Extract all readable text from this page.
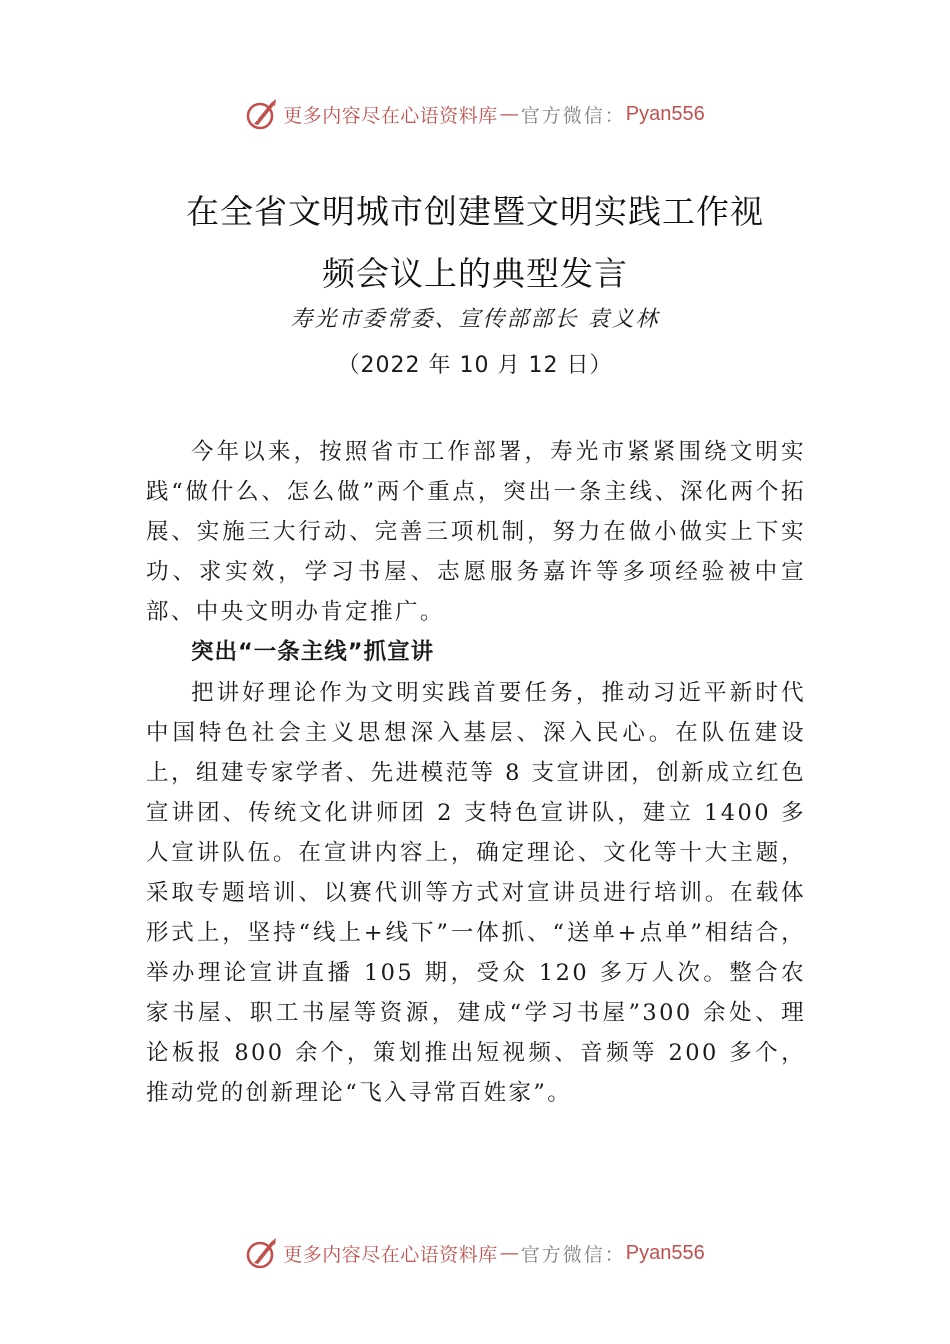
更多内容尽在心语资料库 — 官方微信： Pyan556
在全省文明城市创建暨文明实践工作视
频会议上的典型发言
寿光市委常委、宣传部部长 袁义林
（2022 年 10 月 12 日）

今年以来，按照省市工作部署，寿光市紧紧围绕文明实践“做什么、怎么做”两个重点，突出一条主线、深化两个拓展、实施三大行动、完善三项机制，努力在做小做实上下实功、求实效，学习书屋、志愿服务嘉许等多项经验被中宣部、中央文明办肯定推广。

突出“一条主线”抓宣讲

把讲好理论作为文明实践首要任务，推动习近平新时代中国特色社会主义思想深入基层、深入民心。在队伍建设上，组建专家学者、先进模范等 8 支宣讲团，创新成立红色宣讲团、传统文化讲师团 2 支特色宣讲队，建立 1400 多人宣讲队伍。在宣讲内容上，确定理论、文化等十大主题，采取专题培训、以赛代训等方式对宣讲员进行培训。在载体形式上，坚持“线上+线下”一体抓、“送单+点单”相结合，举办理论宣讲直播 105 期，受众 120 多万人次。整合农家书屋、职工书屋等资源，建成“学习书屋”300 余处、理论板报 800 余个，策划推出短视频、音频等 200 多个，推动党的创新理论“飞入寻常百姓家”。

更多内容尽在心语资料库 — 官方微信： Pyan556
